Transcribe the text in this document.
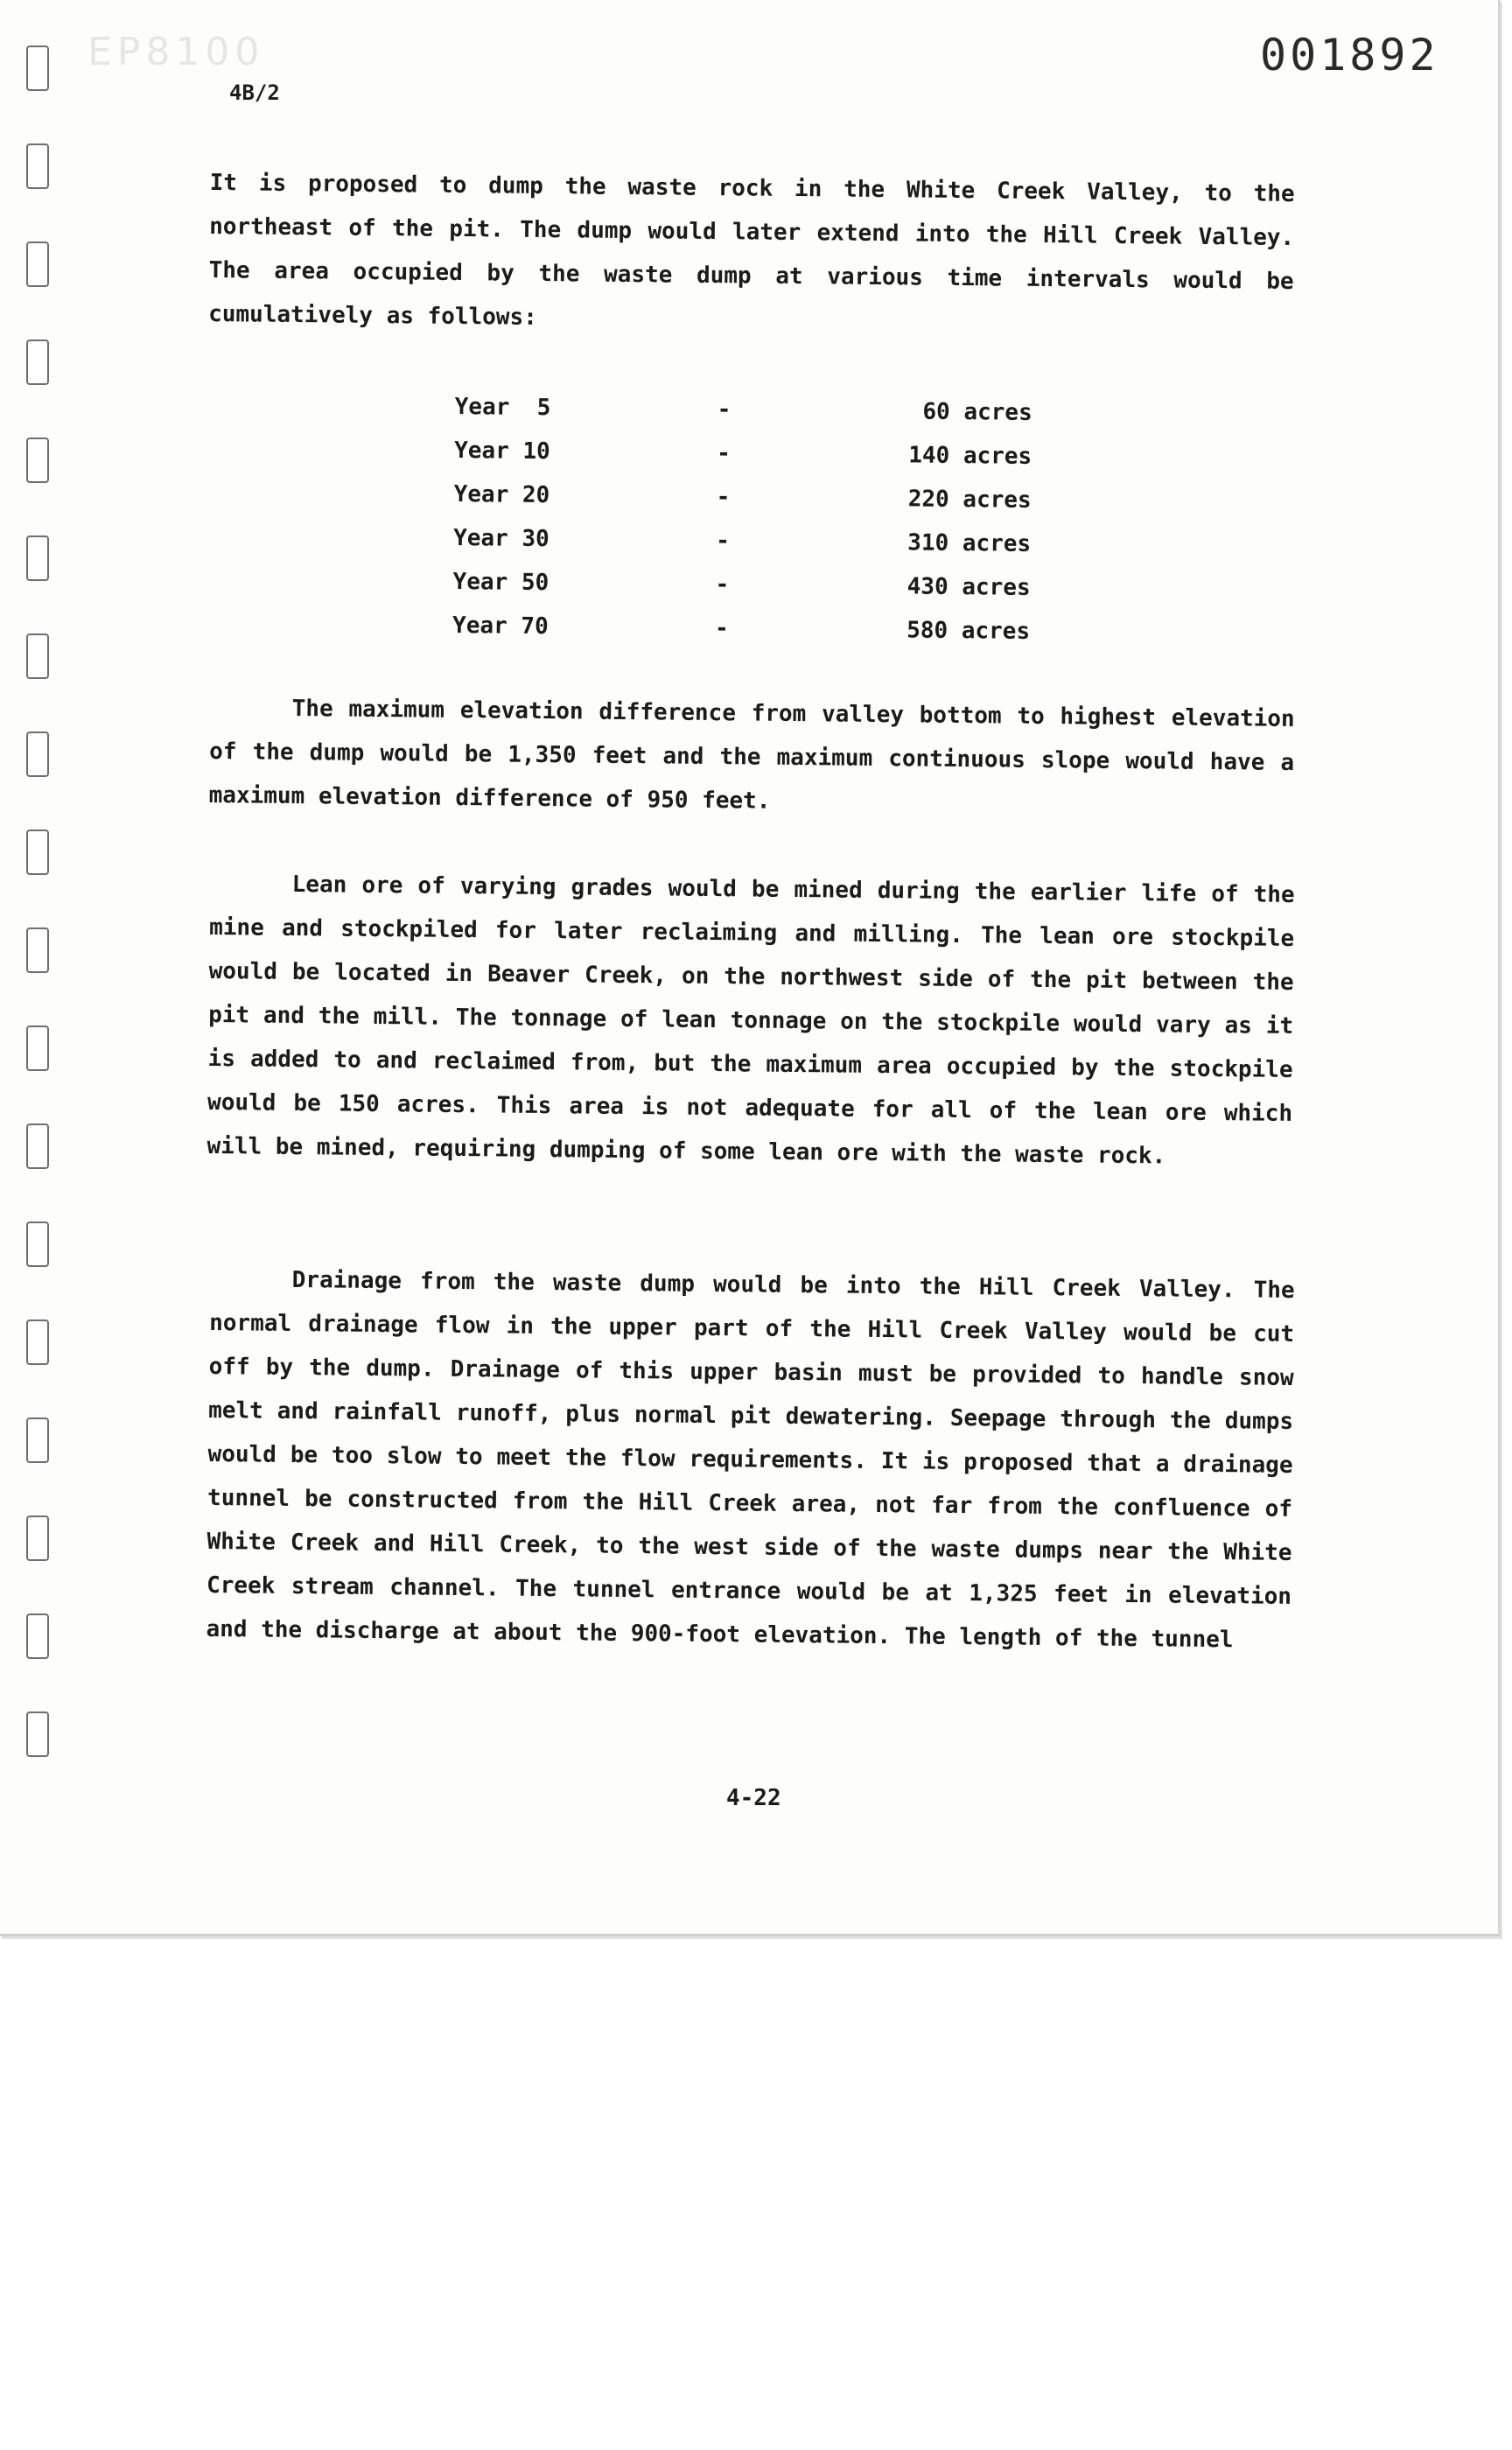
EP8100	001892
4B/2

It is proposed to dump the waste rock in the White Creek Valley, to the northeast of the pit. The dump would later extend into the Hill Creek Valley. The area occupied by the waste dump at various time intervals would be cumulatively as follows:

Year  5	-	60 acres
Year 10	-	140 acres
Year 20	-	220 acres
Year 30	-	310 acres
Year 50	-	430 acres
Year 70	-	580 acres

The maximum elevation difference from valley bottom to highest elevation of the dump would be 1,350 feet and the maximum continuous slope would have a maximum elevation difference of 950 feet.

Lean ore of varying grades would be mined during the earlier life of the mine and stockpiled for later reclaiming and milling. The lean ore stockpile would be located in Beaver Creek, on the northwest side of the pit between the pit and the mill. The tonnage of lean tonnage on the stockpile would vary as it is added to and reclaimed from, but the maximum area occupied by the stockpile would be 150 acres. This area is not adequate for all of the lean ore which will be mined, requiring dumping of some lean ore with the waste rock.

Drainage from the waste dump would be into the Hill Creek Valley. The normal drainage flow in the upper part of the Hill Creek Valley would be cut off by the dump. Drainage of this upper basin must be provided to handle snow melt and rainfall runoff, plus normal pit dewatering. Seepage through the dumps would be too slow to meet the flow requirements. It is proposed that a drainage tunnel be constructed from the Hill Creek area, not far from the confluence of White Creek and Hill Creek, to the west side of the waste dumps near the White Creek stream channel. The tunnel entrance would be at 1,325 feet in elevation and the discharge at about the 900-foot elevation. The length of the tunnel

4-22
